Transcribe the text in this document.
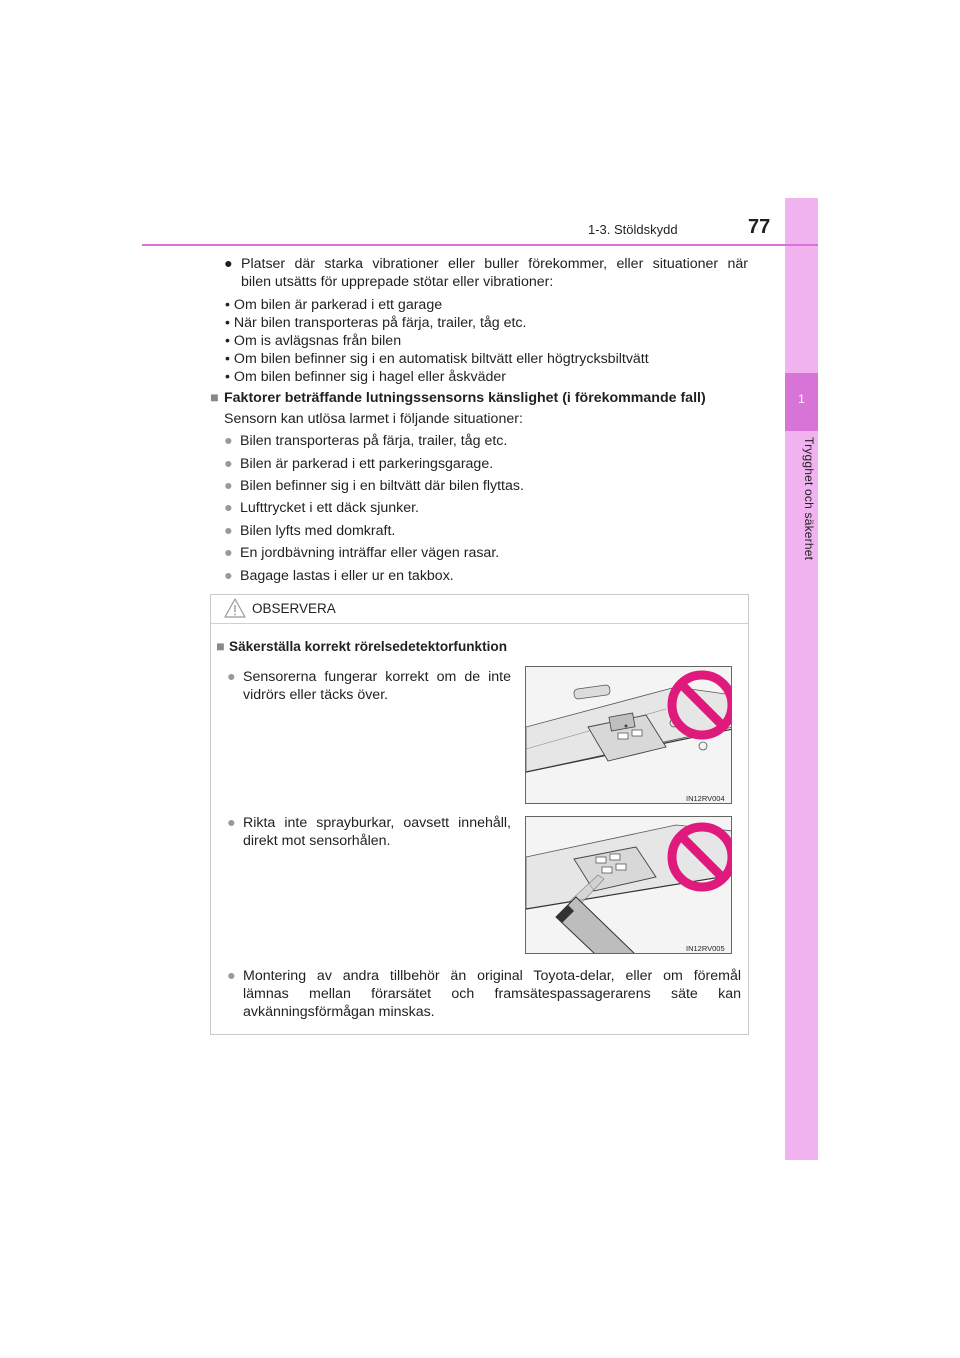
1
Trygghet och säkerhet
1-3. Stöldskydd	77
● Platser där starka vibrationer eller buller förekommer, eller situationer när
bilen utsätts för upprepade stötar eller vibrationer:
• Om bilen är parkerad i ett garage
• När bilen transporteras på färja, trailer, tåg etc.
• Om is avlägsnas från bilen
• Om bilen befinner sig i en automatisk biltvätt eller högtrycksbiltvätt
• Om bilen befinner sig i hagel eller åskväder
■ Faktorer beträffande lutningssensorns känslighet (i förekommande fall)
Sensorn kan utlösa larmet i följande situationer:
● Bilen transporteras på färja, trailer, tåg etc.
● Bilen är parkerad i ett parkeringsgarage.
● Bilen befinner sig i en biltvätt där bilen flyttas.
● Lufttrycket i ett däck sjunker.
● Bilen lyfts med domkraft.
● En jordbävning inträffar eller vägen rasar.
● Bagage lastas i eller ur en takbox.
OBSERVERA
■ Säkerställa korrekt rörelsedetektorfunktion
● Sensorerna fungerar korrekt om de inte
vidrörs eller täcks över.
IN12RV004
● Rikta inte sprayburkar, oavsett innehåll,
direkt mot sensorhålen.
IN12RV005
● Montering av andra tillbehör än original Toyota-delar, eller om föremål
lämnas mellan förarsätet och framsätespassagerarens säte kan
avkänningsförmågan minskas.
